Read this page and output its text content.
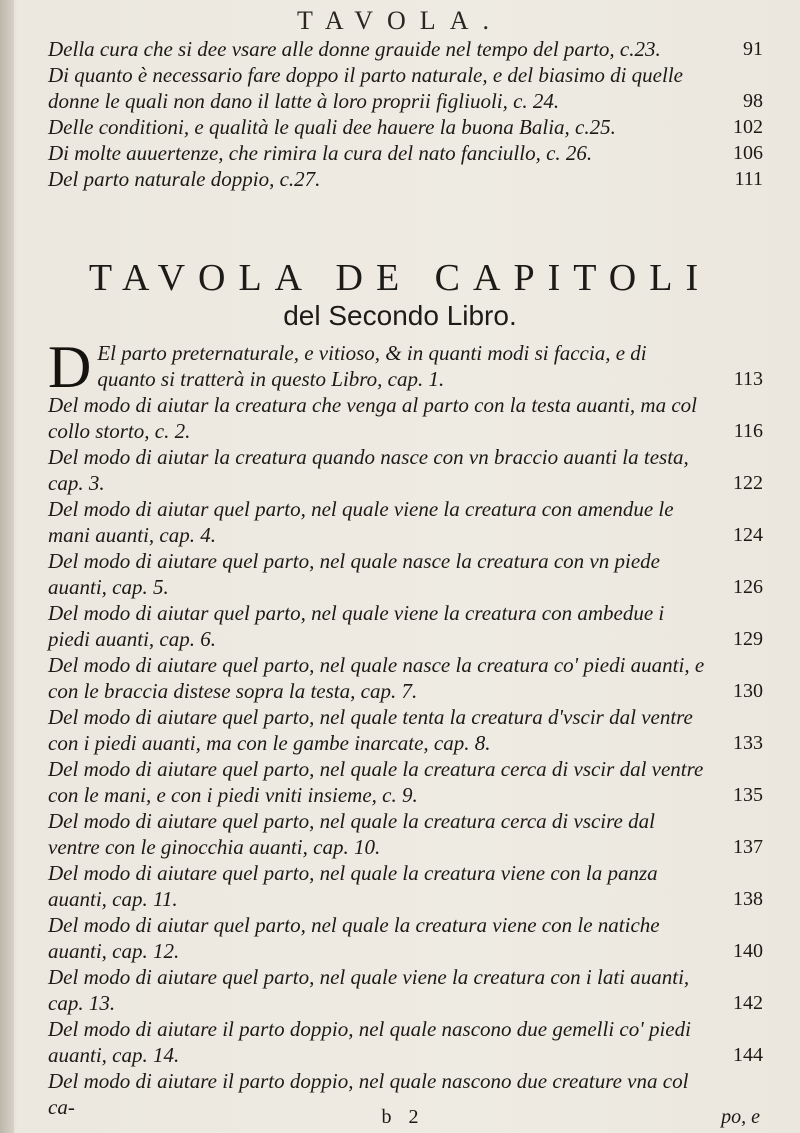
TAVOLA.
Della cura che si dee vsare alle donne grauide nel tempo del parto, c.23.	91
Di quanto è necessario fare doppo il parto naturale, e del biasimo di quelle donne le quali non dano il latte à loro proprii figliuoli, c. 24.	98
Delle conditioni, e qualità le quali dee hauere la buona Balia, c.25.	102
Di molte auuertenze, che rimira la cura del nato fanciullo, c. 26.	106
Del parto naturale doppio, c.27.	111
TAVOLA DE CAPITOLI
del Secondo Libro.
D El parto preternaturale, e vitioso, & in quanti modi si faccia, e di quanto si tratterà in questo Libro, cap. 1.	113
Del modo di aiutar la creatura che venga al parto con la testa auanti, ma col collo storto, c. 2.	116
Del modo di aiutar la creatura quando nasce con vn braccio auanti la testa, cap. 3.	122
Del modo di aiutar quel parto, nel quale viene la creatura con amendue le mani auanti, cap. 4.	124
Del modo di aiutare quel parto, nel quale nasce la creatura con vn piede auanti, cap. 5.	126
Del modo di aiutar quel parto, nel quale viene la creatura con ambedue i piedi auanti, cap. 6.	129
Del modo di aiutare quel parto, nel quale nasce la creatura co' piedi auanti, e con le braccia distese sopra la testa, cap. 7.	130
Del modo di aiutare quel parto, nel quale tenta la creatura d'vscir dal ventre con i piedi auanti, ma con le gambe inarcate, cap. 8.	133
Del modo di aiutare quel parto, nel quale la creatura cerca di vscir dal ventre con le mani, e con i piedi vniti insieme, c. 9.	135
Del modo di aiutare quel parto, nel quale la creatura cerca di vscire dal ventre con le ginocchia auanti, cap. 10.	137
Del modo di aiutare quel parto, nel quale la creatura viene con la panza auanti, cap. 11.	138
Del modo di aiutar quel parto, nel quale la creatura viene con le natiche auanti, cap. 12.	140
Del modo di aiutare quel parto, nel quale viene la creatura con i lati auanti, cap. 13.	142
Del modo di aiutare il parto doppio, nel quale nascono due gemelli co' piedi auanti, cap. 14.	144
Del modo di aiutare il parto doppio, nel quale nascono due creature vna col ca-	b 2	po, e
